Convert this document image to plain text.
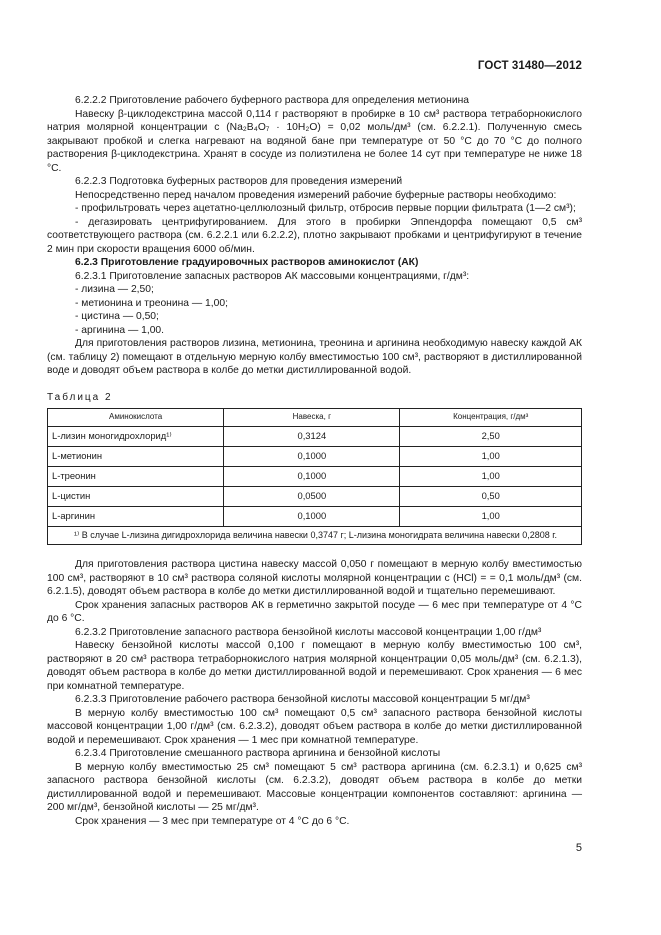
ГОСТ 31480—2012

6.2.2.2 Приготовление рабочего буферного раствора для определения метионина

Навеску β-циклодекстрина массой 0,114 г растворяют в пробирке в 10 см³ раствора тетраборнокислого натрия молярной концентрации c (Na₂B₄O₇ · 10H₂O) = 0,02 моль/дм³ (см. 6.2.2.1). Полученную смесь закрывают пробкой и слегка нагревают на водяной бане при температуре от 50 °С до 70 °С до полного растворения β-циклодекстрина. Хранят в сосуде из полиэтилена не более 14 сут при температуре не ниже 18 °С.

6.2.2.3 Подготовка буферных растворов для проведения измерений

Непосредственно перед началом проведения измерений рабочие буферные растворы необходимо:

- профильтровать через ацетатно-целлюлозный фильтр, отбросив первые порции фильтрата (1—2 см³);

- дегазировать центрифугированием. Для этого в пробирки Эппендорфа помещают 0,5 см³ соответствующего раствора (см. 6.2.2.1 или 6.2.2.2), плотно закрывают пробками и центрифугируют в течение 2 мин при скорости вращения 6000 об/мин.

6.2.3 Приготовление градуировочных растворов аминокислот (АК)

6.2.3.1 Приготовление запасных растворов АК массовыми концентрациями, г/дм³:

- лизина — 2,50;

- метионина и треонина — 1,00;

- цистина — 0,50;

- аргинина — 1,00.

Для приготовления растворов лизина, метионина, треонина и аргинина необходимую навеску каждой АК (см. таблицу 2) помещают в отдельную мерную колбу вместимостью 100 см³, растворяют в дистиллированной воде и доводят объем раствора в колбе до метки дистиллированной водой.

Таблица 2

Аминокислота	Навеска, г	Концентрация, г/дм³
L-лизин моногидрохлорид¹⁾	0,3124	2,50
L-метионин	0,1000	1,00
L-треонин	0,1000	1,00
L-цистин	0,0500	0,50
L-аргинин	0,1000	1,00
¹⁾ В случае L-лизина дигидрохлорида величина навески 0,3747 г; L-лизина моногидрата величина навески 0,2808 г.		

Для приготовления раствора цистина навеску массой 0,050 г помещают в мерную колбу вместимостью 100 см³, растворяют в 10 см³ раствора соляной кислоты молярной концентрации c (HCl) = = 0,1 моль/дм³ (см. 6.2.1.5), доводят объем раствора в колбе до метки дистиллированной водой и тщательно перемешивают.

Срок хранения запасных растворов АК в герметично закрытой посуде — 6 мес при температуре от 4 °С до 6 °С.

6.2.3.2 Приготовление запасного раствора бензойной кислоты массовой концентрации 1,00 г/дм³

Навеску бензойной кислоты массой 0,100 г помещают в мерную колбу вместимостью 100 см³, растворяют в 20 см³ раствора тетраборнокислого натрия молярной концентрации 0,05 моль/дм³ (см. 6.2.1.3), доводят объем раствора в колбе до метки дистиллированной водой и перемешивают. Срок хранения — 6 мес при комнатной температуре.

6.2.3.3 Приготовление рабочего раствора бензойной кислоты массовой концентрации 5 мг/дм³

В мерную колбу вместимостью 100 см³ помещают 0,5 см³ запасного раствора бензойной кислоты массовой концентрации 1,00 г/дм³ (см. 6.2.3.2), доводят объем раствора в колбе до метки дистиллированной водой и перемешивают. Срок хранения — 1 мес при комнатной температуре.

6.2.3.4 Приготовление смешанного раствора аргинина и бензойной кислоты

В мерную колбу вместимостью 25 см³ помещают 5 см³ раствора аргинина (см. 6.2.3.1) и 0,625 см³ запасного раствора бензойной кислоты (см. 6.2.3.2), доводят объем раствора в колбе до метки дистиллированной водой и перемешивают. Массовые концентрации компонентов составляют: аргинина — 200 мг/дм³, бензойной кислоты — 25 мг/дм³.

Срок хранения — 3 мес при температуре от 4 °С до 6 °С.

5
